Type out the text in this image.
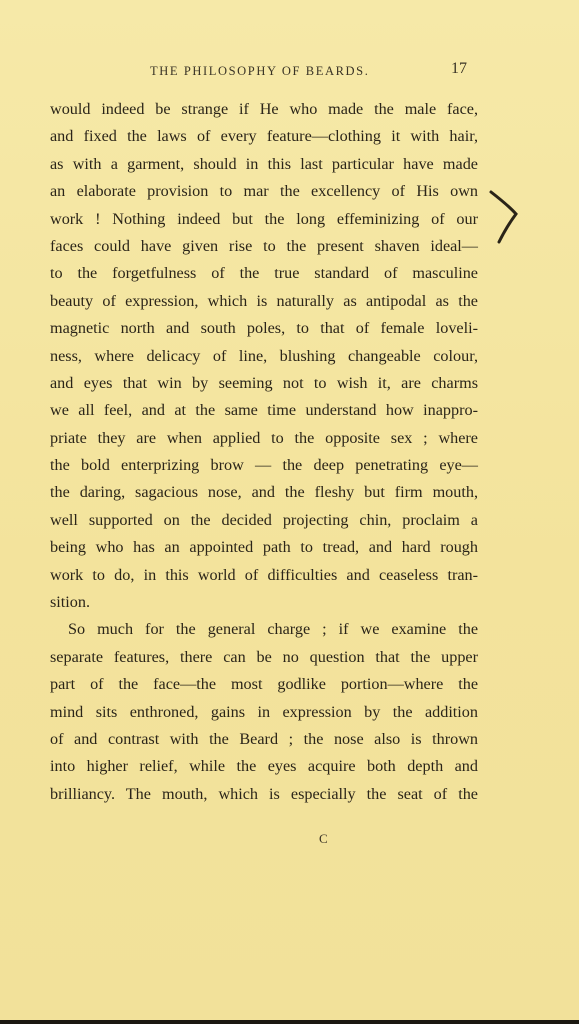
THE PHILOSOPHY OF BEARDS.	17
would indeed be strange if He who made the male face,
and fixed the laws of every feature—clothing it with hair,
as with a garment, should in this last particular have made
an elaborate provision to mar the excellency of His own
work ! Nothing indeed but the long effeminizing of our
faces could have given rise to the present shaven ideal—
to the forgetfulness of the true standard of masculine
beauty of expression, which is naturally as antipodal as the
magnetic north and south poles, to that of female loveli-
ness, where delicacy of line, blushing changeable colour,
and eyes that win by seeming not to wish it, are charms
we all feel, and at the same time understand how inappro-
priate they are when applied to the opposite sex ; where
the bold enterprizing brow — the deep penetrating eye—
the daring, sagacious nose, and the fleshy but firm mouth,
well supported on the decided projecting chin, proclaim a
being who has an appointed path to tread, and hard rough
work to do, in this world of difficulties and ceaseless tran-
sition.
So much for the general charge ; if we examine the
separate features, there can be no question that the upper
part of the face—the most godlike portion—where the
mind sits enthroned, gains in expression by the addition
of and contrast with the Beard ; the nose also is thrown
into higher relief, while the eyes acquire both depth and
brilliancy. The mouth, which is especially the seat of the
C
